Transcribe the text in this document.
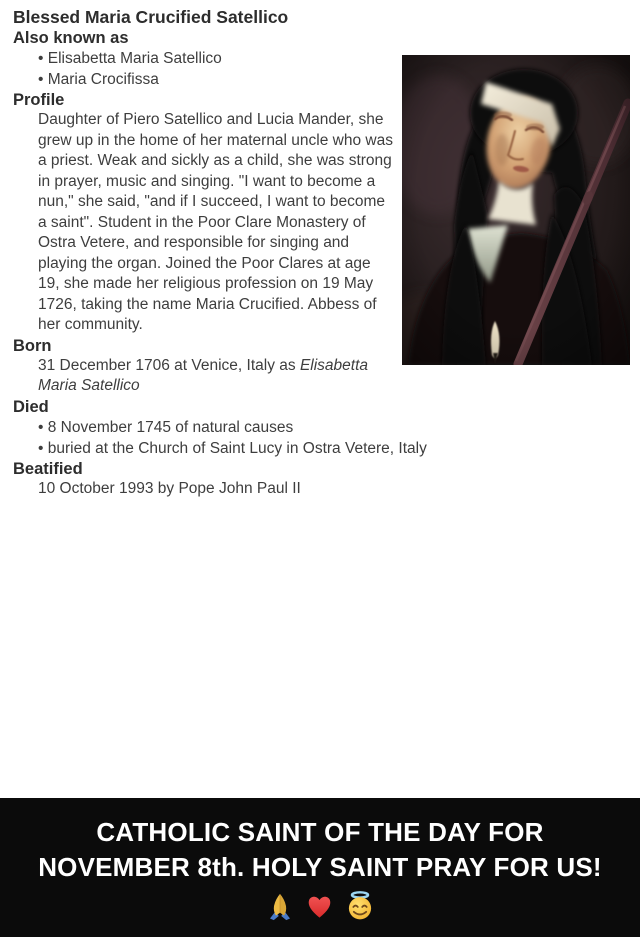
Blessed Maria Crucified Satellico
Also known as
• Elisabetta Maria Satellico
• Maria Crocifissa
Profile

Daughter of Piero Satellico and Lucia Mander, she grew up in the home of her maternal uncle who was a priest. Weak and sickly as a child, she was strong in prayer, music and singing. "I want to become a nun," she said, "and if I succeed, I want to become a saint". Student in the Poor Clare Monastery of Ostra Vetere, and responsible for singing and playing the organ. Joined the Poor Clares at age 19, she made her religious profession on 19 May 1726, taking the name Maria Crucified. Abbess of her community.

Born

31 December 1706 at Venice, Italy as Elisabetta Maria Satellico

Died
• 8 November 1745 of natural causes
• buried at the Church of Saint Lucy in Ostra Vetere, Italy
Beatified

10 October 1993 by Pope John Paul II

CATHOLIC SAINT OF THE DAY FOR
NOVEMBER 8th. HOLY SAINT PRAY FOR US!
